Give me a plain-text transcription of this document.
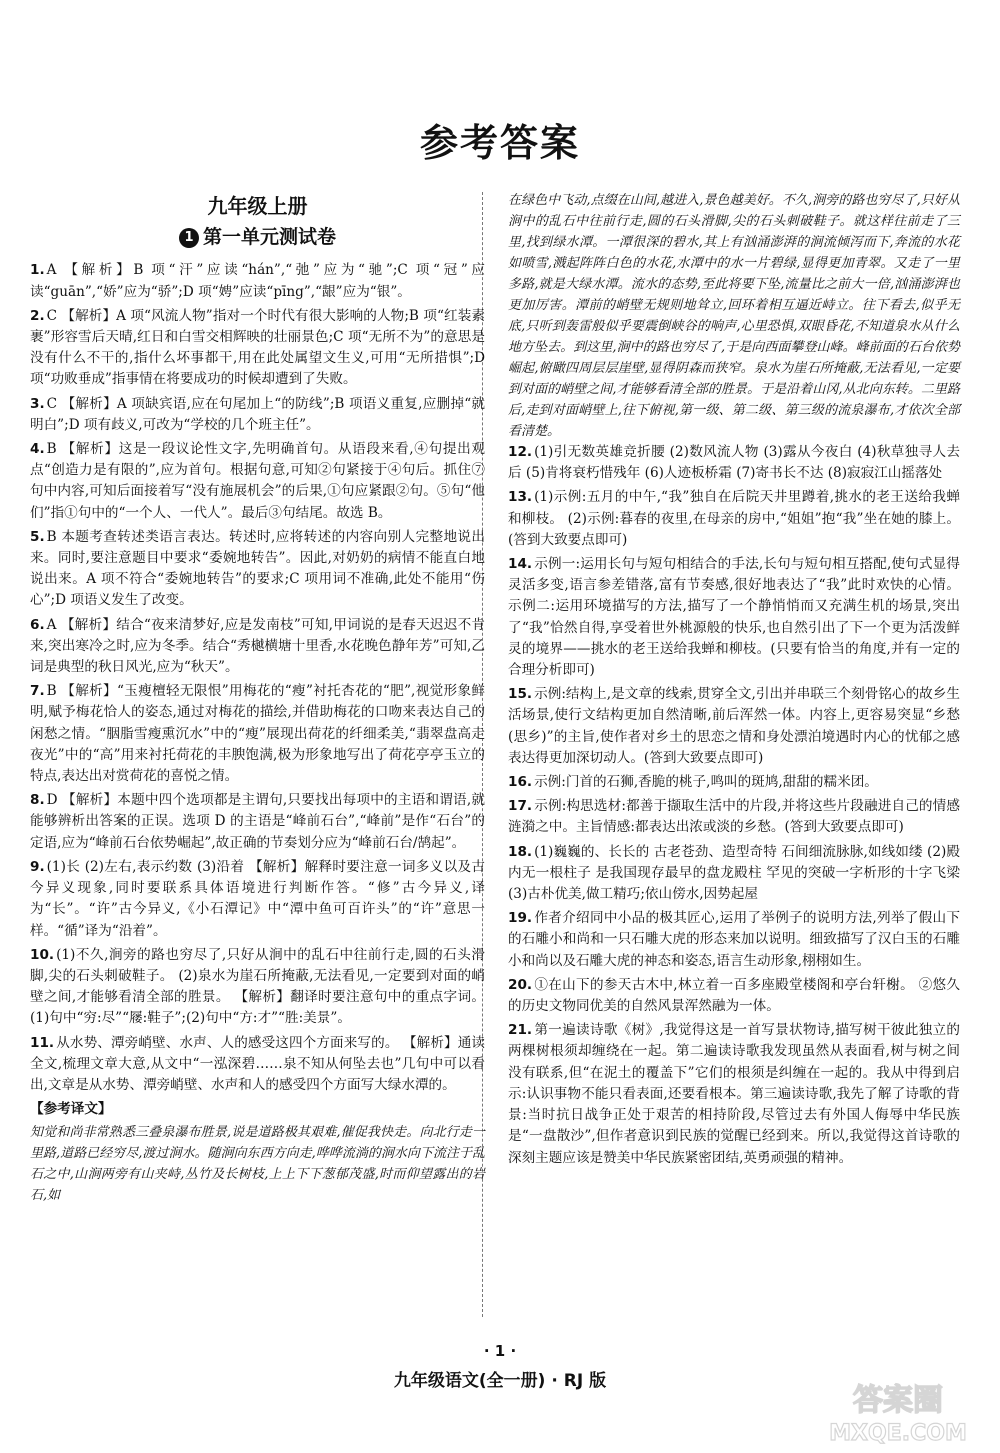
参考答案
九年级上册
1 第一单元测试卷
1. A 【解析】B 项“汗”应读“hán”,“弛”应为“驰”;C 项“冠”应读“guān”,“娇”应为“骄”;D 项“娉”应读“pīng”,“龈”应为“银”。
2. C 【解析】A 项“风流人物”指对一个时代有很大影响的人物;B 项“红装素裹”形容雪后天晴,红日和白雪交相辉映的壮丽景色;C 项“无所不为”的意思是没有什么不干的,指什么坏事都干,用在此处属望文生义,可用“无所措惧”;D 项“功败垂成”指事情在将要成功的时候却遭到了失败。
3. C 【解析】A 项缺宾语,应在句尾加上“的防线”;B 项语义重复,应删掉“就明白”;D 项有歧义,可改为“学校的几个班主任”。
4. B 【解析】这是一段议论性文字,先明确首句。从语段来看,④句提出观点“创造力是有限的”,应为首句。根据句意,可知②句紧接于④句后。抓住⑦句中内容,可知后面接着写“没有施展机会”的后果,①句应紧跟②句。⑤句“他们”指①句中的“一个人、一代人”。最后③句结尾。故选 B。
5. B 本题考查转述类语言表达。转述时,应将转述的内容向别人完整地说出来。同时,要注意题目中要求“委婉地转告”。因此,对奶奶的病情不能直白地说出来。A 项不符合“委婉地转告”的要求;C 项用词不准确,此处不能用“伤心”;D 项语义发生了改变。
6. A 【解析】结合“夜来清梦好,应是发南枝”可知,甲词说的是春天迟迟不肯来,突出寒冷之时,应为冬季。结合“秀樾横塘十里香,水花晚色静年芳”可知,乙词是典型的秋日风光,应为“秋天”。
7. B 【解析】“玉瘦檀轻无限恨”用梅花的“瘦”衬托杏花的“肥”,视觉形象鲜明,赋予梅花恰人的姿态,通过对梅花的描绘,并借助梅花的口吻来表达自己的闲愁之情。“胭脂雪瘦熏沉水”中的“瘦”展现出荷花的纤细柔美,“翡翠盘高走夜光”中的“高”用来衬托荷花的丰腴饱满,极为形象地写出了荷花亭亭玉立的特点,表达出对赏荷花的喜悦之情。
8. D 【解析】本题中四个选项都是主谓句,只要找出每项中的主语和谓语,就能够辨析出答案的正误。选项 D 的主语是“峰前石台”,“峰前”是作“石台”的定语,应为“峰前石台依势崛起”,故正确的节奏划分应为“峰前石台/鹄起”。
9. (1)长 (2)左右,表示约数 (3)沿着 【解析】解释时要注意一词多义以及古今异义现象,同时要联系具体语境进行判断作答。“修”古今异义,译为“长”。“许”古今异义,《小石潭记》中“潭中鱼可百许头”的“许”意思一样。“循”译为“沿着”。
10. (1)不久,涧旁的路也穷尽了,只好从涧中的乱石中往前行走,圆的石头滑脚,尖的石头刺破鞋子。 (2)泉水为崖石所掩蔽,无法看见,一定要到对面的峭壁之间,才能够看清全部的胜景。 【解析】翻译时要注意句中的重点字词。(1)句中“穷:尽”“屦:鞋子”;(2)句中“方:才”“胜:美景”。
11. 从水势、潭旁峭壁、水声、人的感受这四个方面来写的。 【解析】通读全文,梳理文章大意,从文中“一泓深碧……泉不知从何坠去也”几句中可以看出,文章是从水势、潭旁峭壁、水声和人的感受四个方面写大绿水潭的。
【参考译文】
知觉和尚非常熟悉三叠泉瀑布胜景,说是道路极其艰难,催促我快走。向北行走一里路,道路已经穷尽,渡过涧水。随涧向东西方向走,哗哗流淌的涧水向下流注于乱石之中,山涧两旁有山夹峙,丛竹及长树枝,上上下下葱郁茂盛,时而仰望露出的岩石,如
在绿色中飞动,点缀在山间,越进入,景色越美好。不久,涧旁的路也穷尽了,只好从涧中的乱石中往前行走,圆的石头滑脚,尖的石头刺破鞋子。就这样往前走了三里,找到绿水潭。一潭很深的碧水,其上有汹涌澎湃的涧流倾泻而下,奔流的水花如喷雪,溅起阵阵白色的水花,水潭中的水一片碧绿,显得更加青翠。又走了一里多路,就是大绿水潭。流水的态势,至此将要下坠,流量比之前大一倍,汹涌澎湃也更加厉害。潭前的峭壁无规则地耸立,回环着相互逼近峙立。往下看去,似乎无底,只听到轰雷般似乎要震倒峡谷的响声,心里恐惧,双眼昏花,不知道泉水从什么地方坠去。到这里,涧中的路也穷尽了,于是向西面攀登山峰。峰前面的石台依势崛起,俯瞰四周层层崖壁,显得阴森而狭窄。泉水为崖石所掩蔽,无法看见,一定要到对面的峭壁之间,才能够看清全部的胜景。于是沿着山冈,从北向东转。二里路后,走到对面峭壁上,往下俯视,第一级、第二级、第三级的流泉瀑布,才依次全部看清楚。
12. (1)引无数英雄竞折腰 (2)数风流人物 (3)露从今夜白 (4)秋草独寻人去后 (5)肯将衰朽惜残年 (6)人迹板桥霜 (7)寄书长不达 (8)寂寂江山摇落处
13. (1)示例:五月的中午,“我”独自在后院天井里蹲着,挑水的老王送给我蝉和柳枝。 (2)示例:暮春的夜里,在母亲的房中,“姐姐”抱“我”坐在她的膝上。(答到大致要点即可)
14. 示例一:运用长句与短句相结合的手法,长句与短句相互搭配,使句式显得灵活多变,语言参差错落,富有节奏感,很好地表达了“我”此时欢快的心情。 示例二:运用环境描写的方法,描写了一个静悄悄而又充满生机的场景,突出了“我”恰然自得,享受着世外桃源般的快乐,也自然引出了下一个更为活泼鲜灵的境界——挑水的老王送给我蝉和柳枝。(只要有恰当的角度,并有一定的合理分析即可)
15. 示例:结构上,是文章的线索,贯穿全文,引出并串联三个刻骨铭心的故乡生活场景,使行文结构更加自然清晰,前后浑然一体。内容上,更容易突显“乡愁(思乡)”的主旨,使作者对乡土的思恋之情和身处漂泊境遇时内心的忧郁之感表达得更加深切动人。(答到大致要点即可)
16. 示例:门首的石狮,香脆的桃子,鸣叫的斑鸠,甜甜的糯米团。
17. 示例:构思选材:都善于撷取生活中的片段,并将这些片段融进自己的情感涟漪之中。主旨情感:都表达出浓或淡的乡愁。(答到大致要点即可)
18. (1)巍巍的、长长的 古老苍劲、造型奇特 石间细流脉脉,如线如缕 (2)殿内无一根柱子 是我国现存最早的盘龙殿柱 罕见的突破一字析形的十字飞梁 (3)古朴优美,做工精巧;依山傍水,因势起屋
19. 作者介绍同中小品的极其匠心,运用了举例子的说明方法,列举了假山下的石雕小和尚和一只石雕大虎的形态来加以说明。细致描写了汉白玉的石雕小和尚以及石雕大虎的神态和姿态,语言生动形象,栩栩如生。
20. ①在山下的参天古木中,林立着一百多座殿堂楼阁和亭台轩榭。 ②悠久的历史文物同优美的自然风景浑然融为一体。
21. 第一遍读诗歌《树》,我觉得这是一首写景状物诗,描写树干彼此独立的两棵树根须却缠绕在一起。第二遍读诗歌我发现虽然从表面看,树与树之间没有联系,但“在泥土的覆盖下”它们的根须是纠缠在一起的。我从中得到启示:认识事物不能只看表面,还要看根本。第三遍读诗歌,我先了解了诗歌的背景:当时抗日战争正处于艰苦的相持阶段,尽管过去有外国人侮辱中华民族是“一盘散沙”,但作者意识到民族的觉醒已经到来。所以,我觉得这首诗歌的深刻主题应该是赞美中华民族紧密团结,英勇顽强的精神。
· 1 ·
九年级语文(全一册) · RJ 版
答案圈
MXQE.COM
